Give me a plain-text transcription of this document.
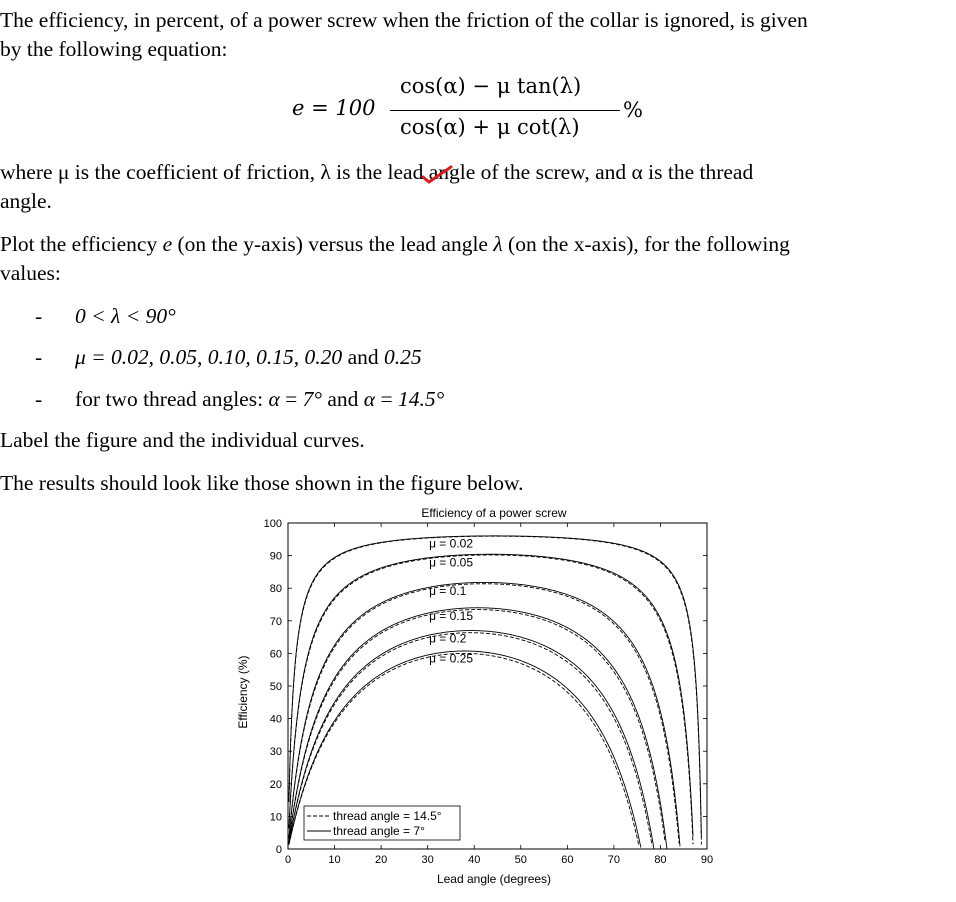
The efficiency, in percent, of a power screw when the friction of the collar is ignored, is given
by the following equation:
e = 100
cos(α) − μ tan(λ)
cos(α) + μ cot(λ)
%
where μ is the coefficient of friction, λ is the lead angle of the screw, and α is the thread
angle.
Plot the efficiency e (on the y-axis) versus the lead angle λ (on the x-axis), for the following
values:
- 0 < λ < 90°
- μ = 0.02, 0.05, 0.10, 0.15, 0.20 and 0.25
- for two thread angles: α = 7° and α = 14.5°
Label the figure and the individual curves.
The results should look like those shown in the figure below.
Efficiency of a power screw
0	10	20	30	40	50	60	70	80	90
0
10
20
30
40
50
60
70
80
90
100
μ = 0.02
μ = 0.05
μ = 0.1
μ = 0.15
μ = 0.2
μ = 0.25
Lead angle (degrees)
Efficiency (%)
thread angle = 14.5°
thread angle = 7°
